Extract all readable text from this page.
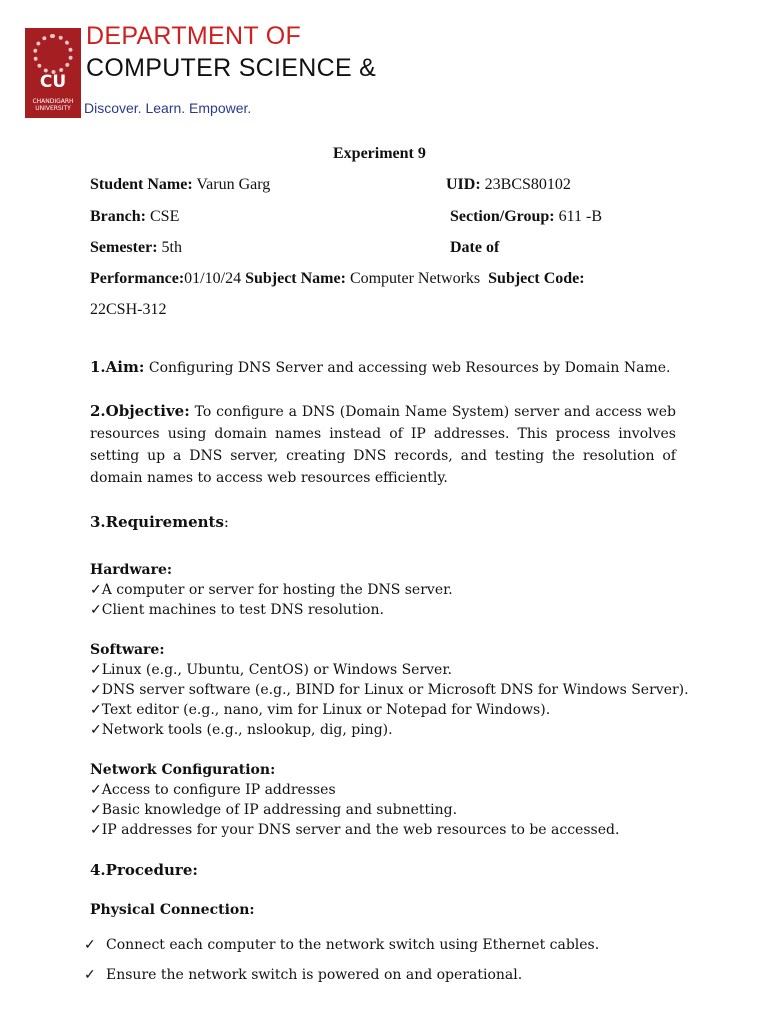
CU
CHANDIGARH UNIVERSITY
DEPARTMENT OF
COMPUTER SCIENCE &
Discover. Learn. Empower.
Experiment 9
Student Name: Varun Garg	UID: 23BCS80102
Branch: CSE	Section/Group: 611 -B
Semester: 5th	Date of
Performance:01/10/24 Subject Name: Computer Networks Subject Code:
22CSH-312
1.Aim: Configuring DNS Server and accessing web Resources by Domain Name.
2.Objective: To configure a DNS (Domain Name System) server and access web resources using domain names instead of IP addresses. This process involves setting up a DNS server, creating DNS records, and testing the resolution of domain names to access web resources efficiently.
3.Requirements:
Hardware:
✓A computer or server for hosting the DNS server.
✓Client machines to test DNS resolution.
Software:
✓Linux (e.g., Ubuntu, CentOS) or Windows Server.
✓DNS server software (e.g., BIND for Linux or Microsoft DNS for Windows Server).
✓Text editor (e.g., nano, vim for Linux or Notepad for Windows).
✓Network tools (e.g., nslookup, dig, ping).
Network Configuration:
✓Access to configure IP addresses
✓Basic knowledge of IP addressing and subnetting.
✓IP addresses for your DNS server and the web resources to be accessed.
4.Procedure:
Physical Connection:
✓ Connect each computer to the network switch using Ethernet cables.
✓ Ensure the network switch is powered on and operational.
